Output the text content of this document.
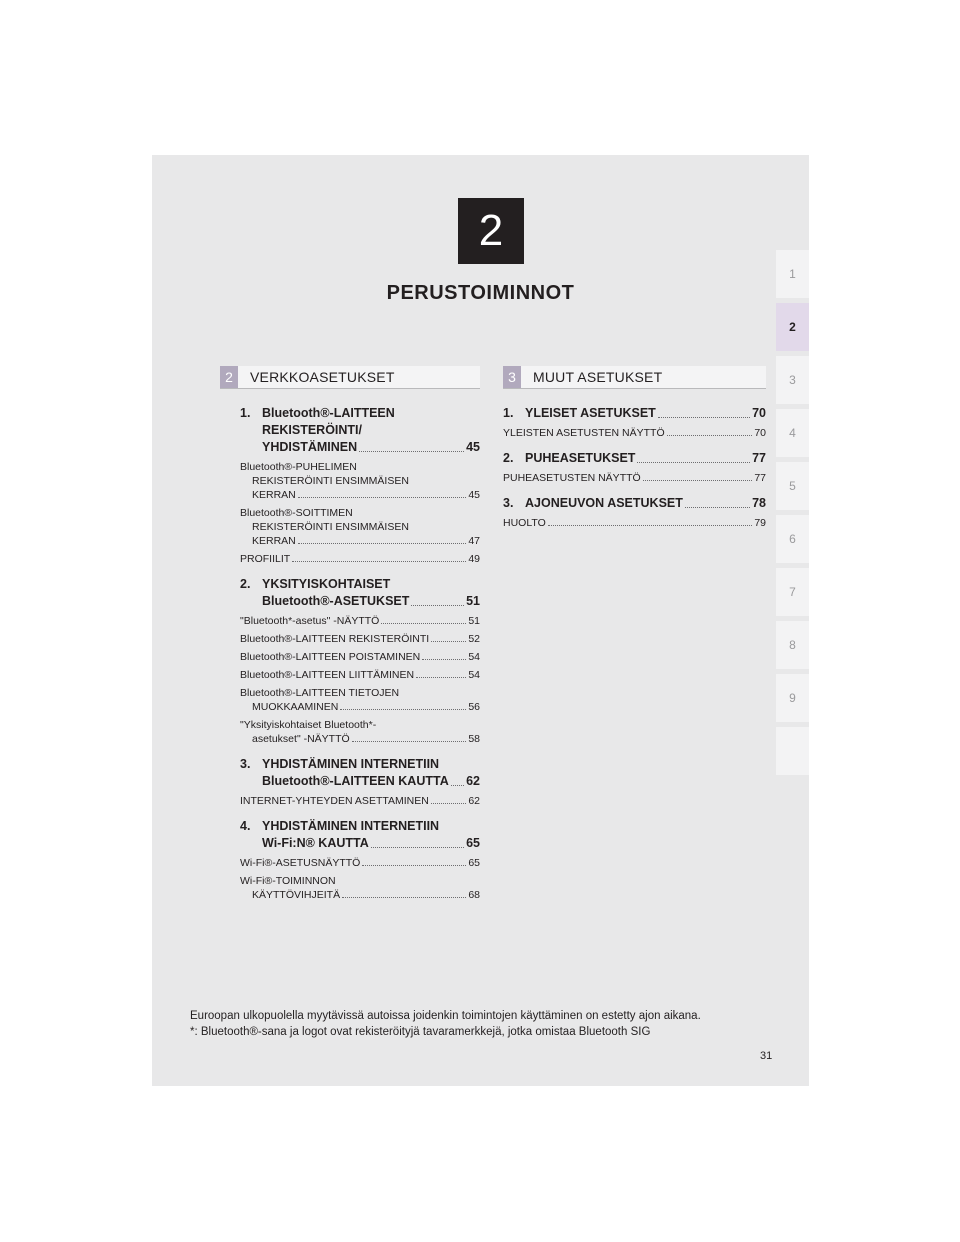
2
PERUSTOIMINNOT
1
2
3
4
5
6
7
8
9
2	VERKKOASETUKSET	3	MUUT ASETUKSET
1. Bluetooth®-LAITTEEN
REKISTERÖINTI/
YHDISTÄMINEN	45
Bluetooth®-PUHELIMEN
REKISTERÖINTI ENSIMMÄISEN
KERRAN	45
Bluetooth®-SOITTIMEN
REKISTERÖINTI ENSIMMÄISEN
KERRAN	47
PROFIILIT	49
2. YKSITYISKOHTAISET
Bluetooth®-ASETUKSET	51
"Bluetooth*-asetus" -NÄYTTÖ	51
Bluetooth®-LAITTEEN REKISTERÖINTI	52
Bluetooth®-LAITTEEN POISTAMINEN	54
Bluetooth®-LAITTEEN LIITTÄMINEN	54
Bluetooth®-LAITTEEN TIETOJEN
MUOKKAAMINEN	56
"Yksityiskohtaiset Bluetooth*-
asetukset" -NÄYTTÖ	58
3. YHDISTÄMINEN INTERNETIIN
Bluetooth®-LAITTEEN KAUTTA 62
INTERNET-YHTEYDEN ASETTAMINEN	62
4. YHDISTÄMINEN INTERNETIIN
Wi-Fi:N® KAUTTA	65
Wi-Fi®-ASETUSNÄYTTÖ	65
Wi-Fi®-TOIMINNON
KÄYTTÖVIHJEITÄ	68
1. YLEISET ASETUKSET	70
YLEISTEN ASETUSTEN NÄYTTÖ	70
2. PUHEASETUKSET	77
PUHEASETUSTEN NÄYTTÖ	77
3. AJONEUVON ASETUKSET	78
HUOLTO	79
Euroopan ulkopuolella myytävissä autoissa joidenkin toimintojen käyttäminen on estetty ajon aikana.
*: Bluetooth®-sana ja logot ovat rekisteröityjä tavaramerkkejä, jotka omistaa Bluetooth SIG
31
